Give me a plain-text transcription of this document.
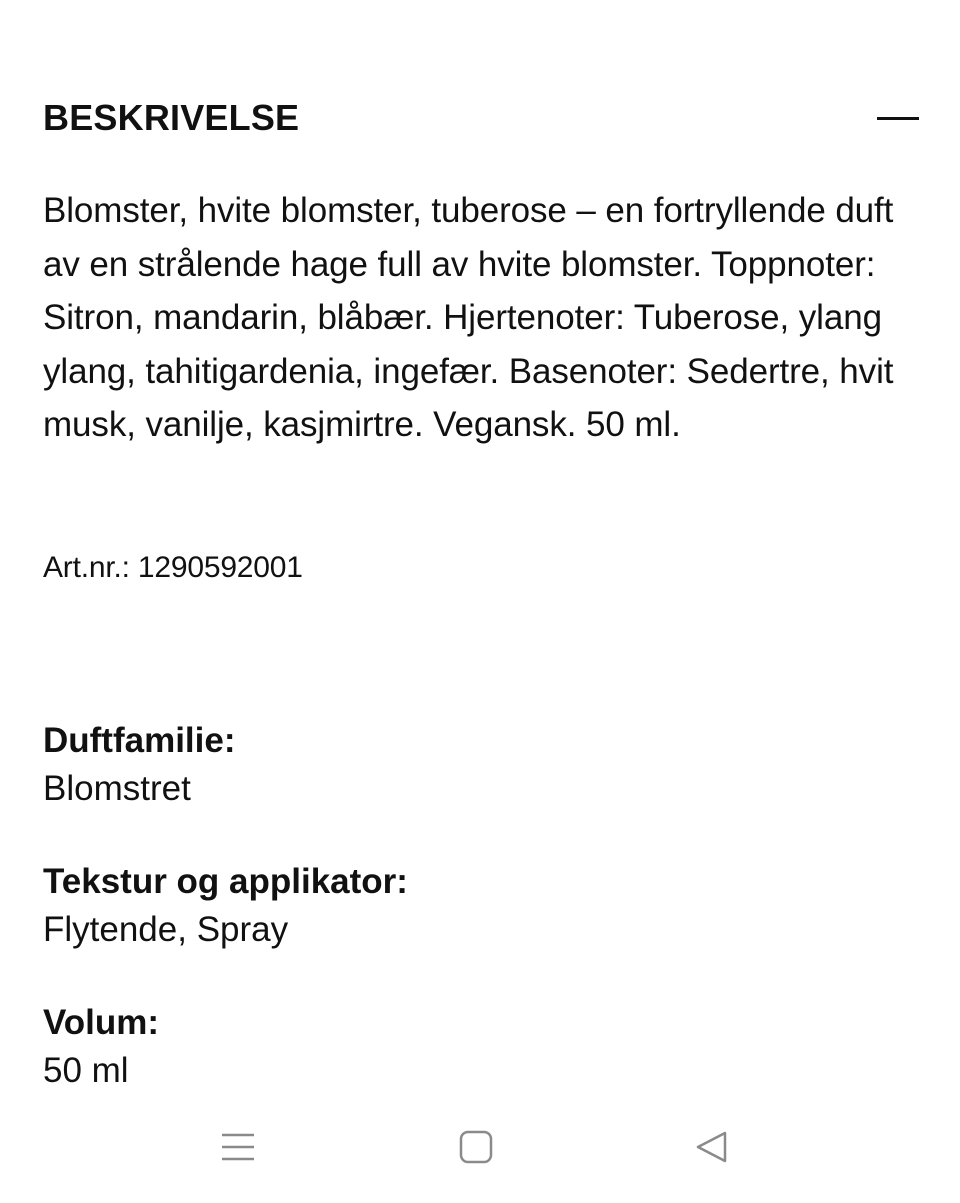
BESKRIVELSE

Blomster, hvite blomster, tuberose – en fortryllende duft av en strålende hage full av hvite blomster. Toppnoter: Sitron, mandarin, blåbær. Hjertenoter: Tuberose, ylang ylang, tahitigardenia, ingefær. Basenoter: Sedertre, hvit musk, vanilje, kasjmirtre. Vegansk. 50 ml.

Art.nr.: 1290592001
Duftfamilie:
Blomstret
Tekstur og applikator:
Flytende, Spray
Volum:
50 ml
